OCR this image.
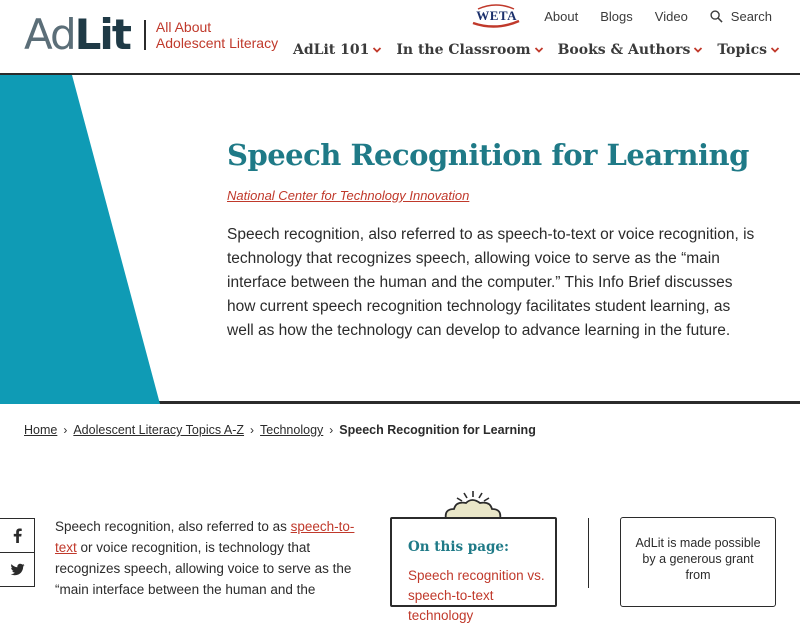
AdLit All About
Adolescent Literacy
WETA About Blogs Video	Search
AdLit 101 In the Classroom Books & Authors Topics
Speech Recognition for Learning
National Center for Technology Innovation

Speech recognition, also referred to as speech-to-text or voice recognition, is technology that recognizes speech, allowing voice to serve as the “main interface between the human and the computer.” This Info Brief discusses how current speech recognition technology facilitates student learning, as well as how the technology can develop to advance learning in the future.

Home › Adolescent Literacy Topics A-Z › Technology › Speech Recognition for Learning
Speech recognition, also referred to as speech-to-text or voice recognition, is technology that recognizes speech, allowing voice to serve as the “main interface between the human and the
On this page:
Speech recognition vs. speech-to-text technology
AdLit is made possible by a generous grant from
